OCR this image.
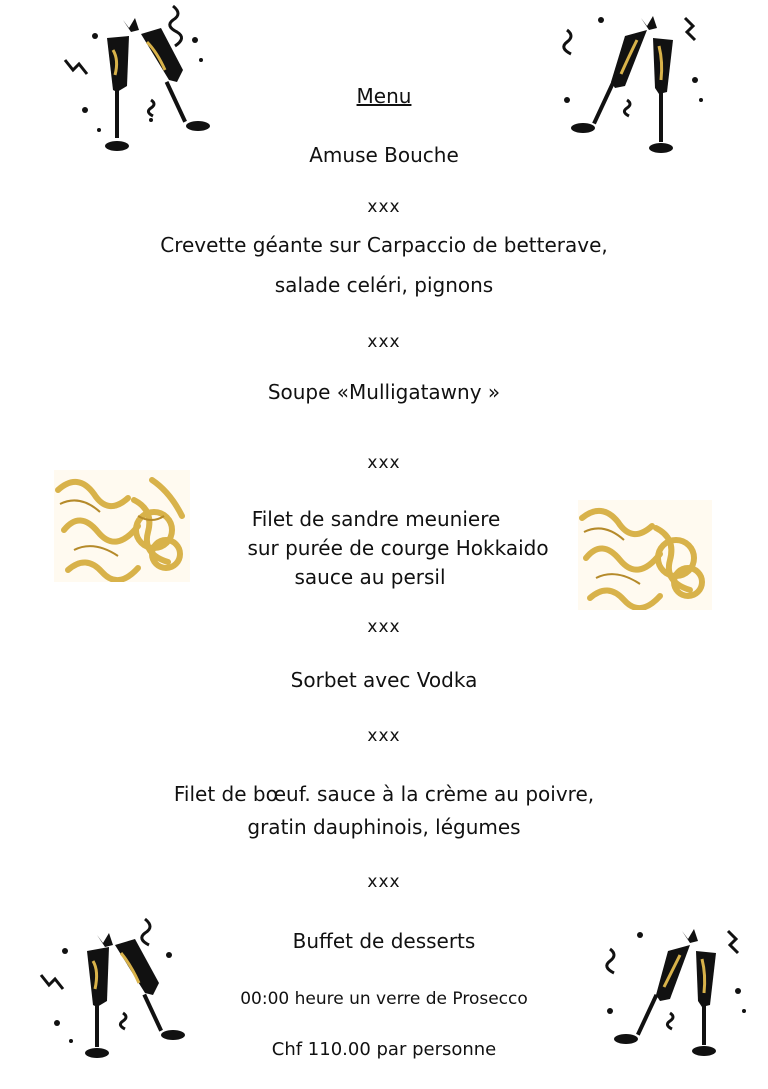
Menu
Amuse Bouche
xxx
Crevette géante sur Carpaccio de betterave,
salade celéri, pignons
xxx
Soupe «Mulligatawny »
xxx
Filet de sandre meuniere
sur purée de courge Hokkaido
sauce au persil
xxx
Sorbet avec Vodka
xxx
Filet de bœuf. sauce à la crème au poivre,
gratin dauphinois, légumes
xxx
Buffet de desserts
00:00 heure un verre de Prosecco
Chf 110.00 par personne
